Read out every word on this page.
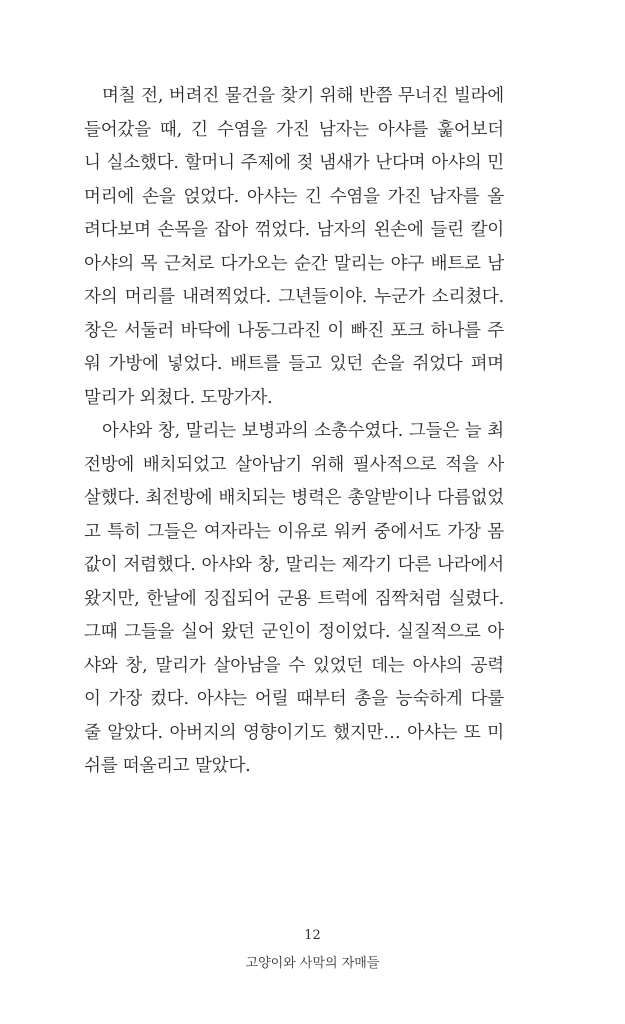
며칠 전, 버려진 물건을 찾기 위해 반쯤 무너진 빌라에
들어갔을 때, 긴 수염을 가진 남자는 아샤를 훑어보더
니 실소했다. 할머니 주제에 젖 냄새가 난다며 아샤의 민
머리에 손을 얹었다. 아샤는 긴 수염을 가진 남자를 올
려다보며 손목을 잡아 꺾었다. 남자의 왼손에 들린 칼이
아샤의 목 근처로 다가오는 순간 말리는 야구 배트로 남
자의 머리를 내려찍었다. 그년들이야. 누군가 소리쳤다.
창은 서둘러 바닥에 나동그라진 이 빠진 포크 하나를 주
워 가방에 넣었다. 배트를 들고 있던 손을 쥐었다 펴며
말리가 외쳤다. 도망가자.
아샤와 창, 말리는 보병과의 소총수였다. 그들은 늘 최
전방에 배치되었고 살아남기 위해 필사적으로 적을 사
살했다. 최전방에 배치되는 병력은 총알받이나 다름없었
고 특히 그들은 여자라는 이유로 워커 중에서도 가장 몸
값이 저렴했다. 아샤와 창, 말리는 제각기 다른 나라에서
왔지만, 한날에 징집되어 군용 트럭에 짐짝처럼 실렸다.
그때 그들을 실어 왔던 군인이 정이었다. 실질적으로 아
샤와 창, 말리가 살아남을 수 있었던 데는 아샤의 공력
이 가장 컸다. 아샤는 어릴 때부터 총을 능숙하게 다룰
줄 알았다. 아버지의 영향이기도 했지만… 아샤는 또 미
쉬를 떠올리고 말았다.
12
고양이와 사막의 자매들
